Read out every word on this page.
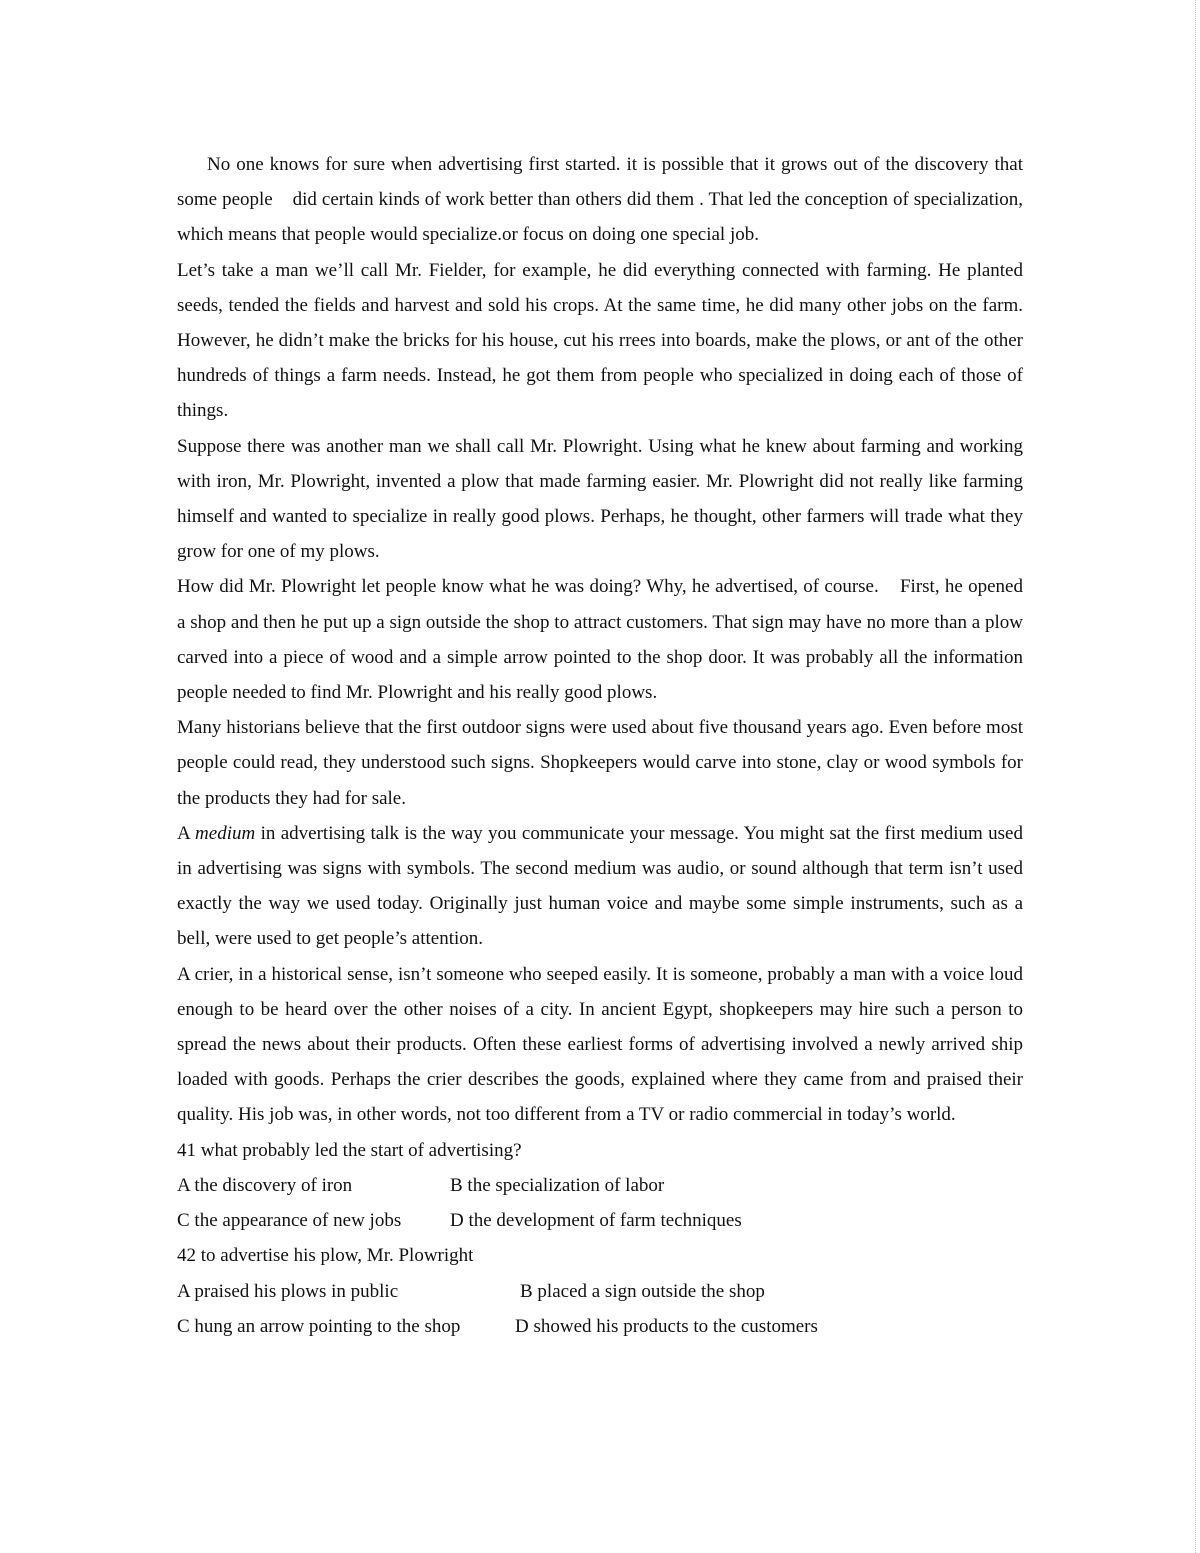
No one knows for sure when advertising first started. it is possible that it grows out of the discovery that some people    did certain kinds of work better than others did them . That led the conception of specialization, which means that people would specialize.or focus on doing one special job.

Let’s take a man we’ll call Mr. Fielder, for example, he did everything connected with farming. He planted seeds, tended the fields and harvest and sold his crops. At the same time, he did many other jobs on the farm. However, he didn’t make the bricks for his house, cut his rrees into boards, make the plows, or ant of the other hundreds of things a farm needs. Instead, he got them from people who specialized in doing each of those of things.

Suppose there was another man we shall call Mr. Plowright. Using what he knew about farming and working with iron, Mr. Plowright, invented a plow that made farming easier. Mr. Plowright did not really like farming himself and wanted to specialize in really good plows. Perhaps, he thought, other farmers will trade what they grow for one of my plows.

How did Mr. Plowright let people know what he was doing? Why, he advertised, of course.    First, he opened a shop and then he put up a sign outside the shop to attract customers. That sign may have no more than a plow carved into a piece of wood and a simple arrow pointed to the shop door. It was probably all the information people needed to find Mr. Plowright and his really good plows.

Many historians believe that the first outdoor signs were used about five thousand years ago. Even before most people could read, they understood such signs. Shopkeepers would carve into stone, clay or wood symbols for the products they had for sale.

A medium in advertising talk is the way you communicate your message. You might sat the first medium used in advertising was signs with symbols. The second medium was audio, or sound although that term isn’t used exactly the way we used today. Originally just human voice and maybe some simple instruments, such as a bell, were used to get people’s attention.

A crier, in a historical sense, isn’t someone who seeped easily. It is someone, probably a man with a voice loud enough to be heard over the other noises of a city. In ancient Egypt, shopkeepers may hire such a person to spread the news about their products. Often these earliest forms of advertising involved a newly arrived ship loaded with goods. Perhaps the crier describes the goods, explained where they came from and praised their quality. His job was, in other words, not too different from a TV or radio commercial in today’s world.

41 what probably led the start of advertising?

A the discovery of iron	B the specialization of labor
C the appearance of new jobs	D the development of farm techniques

42 to advertise his plow, Mr. Plowright

A praised his plows in public	B placed a sign outside the shop
C hung an arrow pointing to the shop	D showed his products to the customers
